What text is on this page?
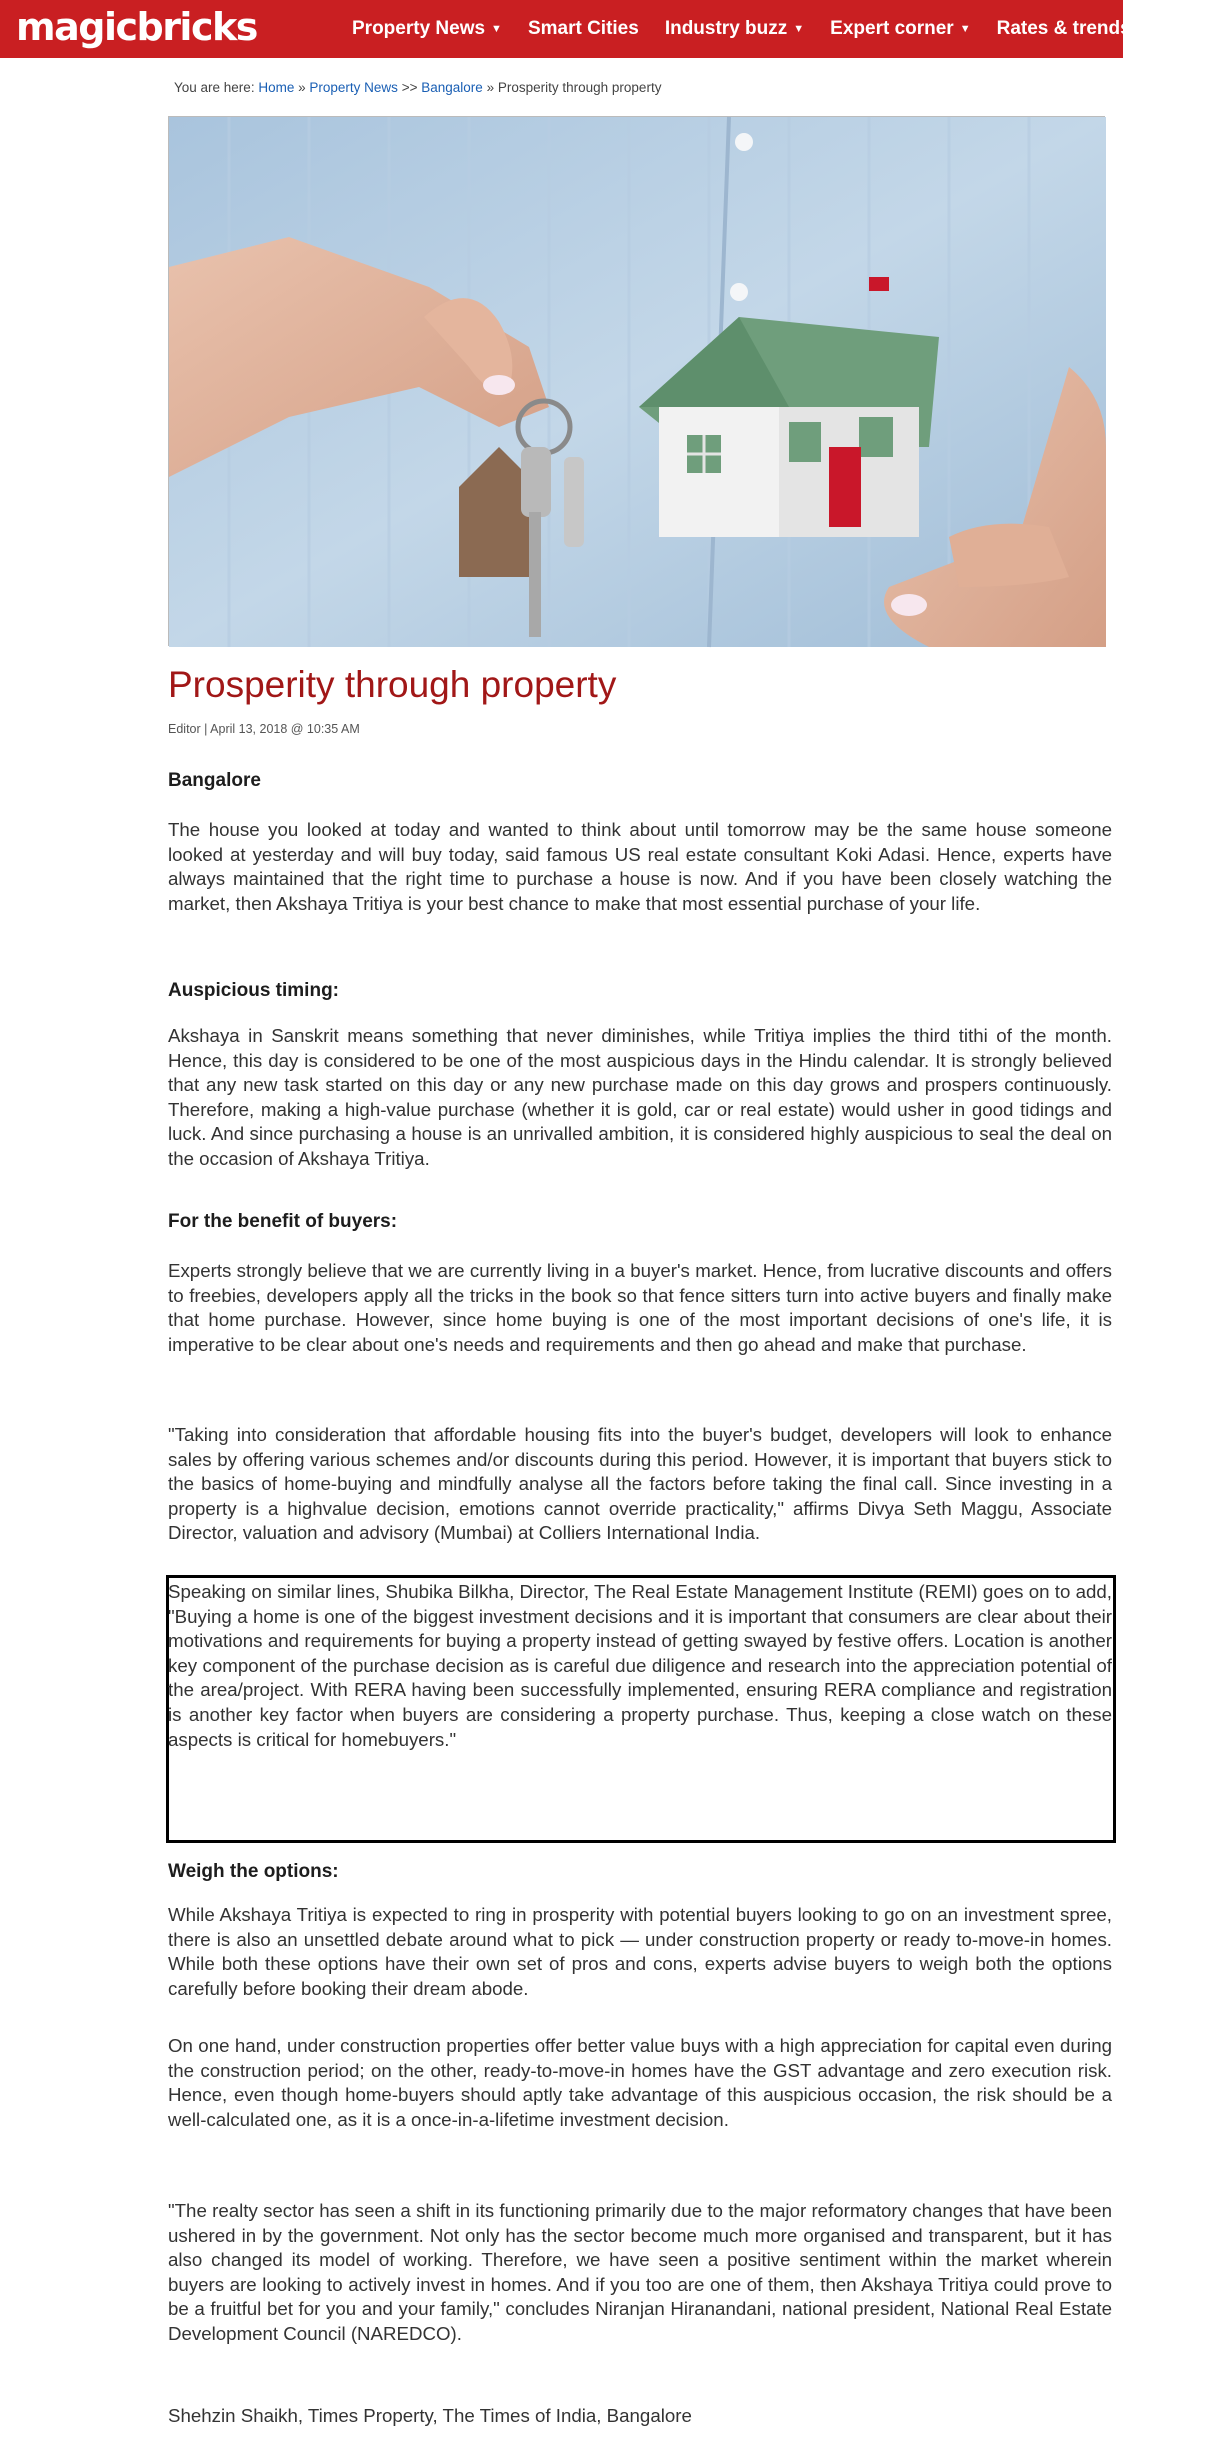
magicbricks	Property News ▼ Smart Cities Industry buzz ▼ Expert corner ▼ Rates & trends Leg
You are here: Home » Property News >> Bangalore » Prosperity through property
Prosperity through property
Editor | April 13, 2018 @ 10:35 AM
Bangalore
The house you looked at today and wanted to think about until tomorrow may be the same house someone looked at yesterday and will buy today, said famous US real estate consultant Koki Adasi. Hence, experts have always maintained that the right time to purchase a house is now. And if you have been closely watching the market, then Akshaya Tritiya is your best chance to make that most essential purchase of your life.
Auspicious timing:
Akshaya in Sanskrit means something that never diminishes, while Tritiya implies the third tithi of the month. Hence, this day is considered to be one of the most auspicious days in the Hindu calendar. It is strongly believed that any new task started on this day or any new purchase made on this day grows and prospers continuously. Therefore, making a high-value purchase (whether it is gold, car or real estate) would usher in good tidings and luck. And since purchasing a house is an unrivalled ambition, it is considered highly auspicious to seal the deal on the occasion of Akshaya Tritiya.
For the benefit of buyers:
Experts strongly believe that we are currently living in a buyer's market. Hence, from lucrative discounts and offers to freebies, developers apply all the tricks in the book so that fence sitters turn into active buyers and finally make that home purchase. However, since home buying is one of the most important decisions of one's life, it is imperative to be clear about one's needs and requirements and then go ahead and make that purchase.
"Taking into consideration that affordable housing fits into the buyer's budget, developers will look to enhance sales by offering various schemes and/or discounts during this period. However, it is important that buyers stick to the basics of home-buying and mindfully analyse all the factors before taking the final call. Since investing in a property is a highvalue decision, emotions cannot override practicality," affirms Divya Seth Maggu, Associate Director, valuation and advisory (Mumbai) at Colliers International India.
Speaking on similar lines, Shubika Bilkha, Director, The Real Estate Management Institute (REMI) goes on to add, "Buying a home is one of the biggest investment decisions and it is important that consumers are clear about their motivations and requirements for buying a property instead of getting swayed by festive offers. Location is another key component of the purchase decision as is careful due diligence and research into the appreciation potential of the area/project. With RERA having been successfully implemented, ensuring RERA compliance and registration is another key factor when buyers are considering a property purchase. Thus, keeping a close watch on these aspects is critical for homebuyers."
Weigh the options:
While Akshaya Tritiya is expected to ring in prosperity with potential buyers looking to go on an investment spree, there is also an unsettled debate around what to pick — under construction property or ready to-move-in homes. While both these options have their own set of pros and cons, experts advise buyers to weigh both the options carefully before booking their dream abode.
On one hand, under construction properties offer better value buys with a high appreciation for capital even during the construction period; on the other, ready-to-move-in homes have the GST advantage and zero execution risk. Hence, even though home-buyers should aptly take advantage of this auspicious occasion, the risk should be a well-calculated one, as it is a once-in-a-lifetime investment decision.
"The realty sector has seen a shift in its functioning primarily due to the major reformatory changes that have been ushered in by the government. Not only has the sector become much more organised and transparent, but it has also changed its model of working. Therefore, we have seen a positive sentiment within the market wherein buyers are looking to actively invest in homes. And if you too are one of them, then Akshaya Tritiya could prove to be a fruitful bet for you and your family," concludes Niranjan Hiranandani, national president, National Real Estate Development Council (NAREDCO).
Shehzin Shaikh, Times Property, The Times of India, Bangalore
